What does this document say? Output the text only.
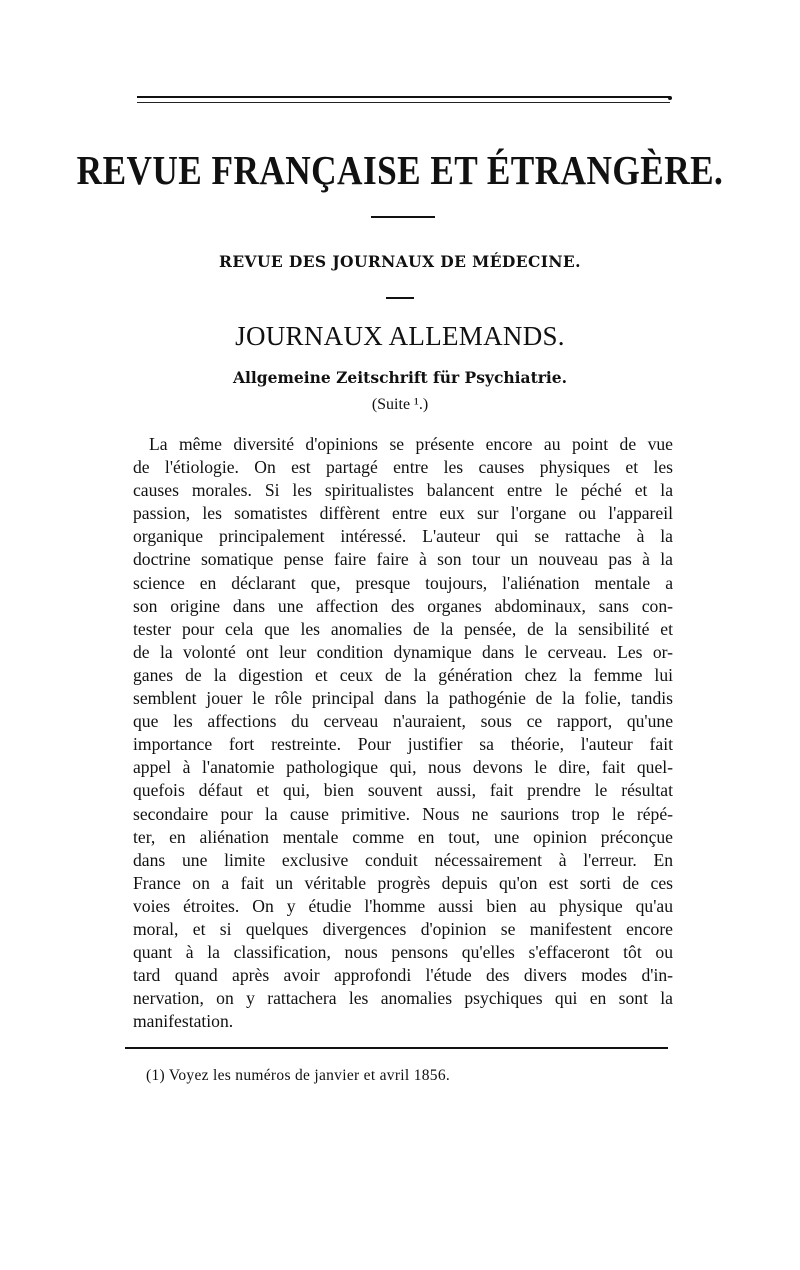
REVUE FRANÇAISE ET ÉTRANGÈRE.
REVUE DES JOURNAUX DE MÉDECINE.
JOURNAUX ALLEMANDS.
Allgemeine Zeitschrift für Psychiatrie.
(Suite ¹.)
La même diversité d'opinions se présente encore au point de vue
de l'étiologie. On est partagé entre les causes physiques et les
causes morales. Si les spiritualistes balancent entre le péché et la
passion, les somatistes diffèrent entre eux sur l'organe ou l'appareil
organique principalement intéressé. L'auteur qui se rattache à la
doctrine somatique pense faire faire à son tour un nouveau pas à la
science en déclarant que, presque toujours, l'aliénation mentale a
son origine dans une affection des organes abdominaux, sans con-
tester pour cela que les anomalies de la pensée, de la sensibilité et
de la volonté ont leur condition dynamique dans le cerveau. Les or-
ganes de la digestion et ceux de la génération chez la femme lui
semblent jouer le rôle principal dans la pathogénie de la folie, tandis
que les affections du cerveau n'auraient, sous ce rapport, qu'une
importance fort restreinte. Pour justifier sa théorie, l'auteur fait
appel à l'anatomie pathologique qui, nous devons le dire, fait quel-
quefois défaut et qui, bien souvent aussi, fait prendre le résultat
secondaire pour la cause primitive. Nous ne saurions trop le répé-
ter, en aliénation mentale comme en tout, une opinion préconçue
dans une limite exclusive conduit nécessairement à l'erreur. En
France on a fait un véritable progrès depuis qu'on est sorti de ces
voies étroites. On y étudie l'homme aussi bien au physique qu'au
moral, et si quelques divergences d'opinion se manifestent encore
quant à la classification, nous pensons qu'elles s'effaceront tôt ou
tard quand après avoir approfondi l'étude des divers modes d'in-
nervation, on y rattachera les anomalies psychiques qui en sont la
manifestation.
(1) Voyez les numéros de janvier et avril 1856.
